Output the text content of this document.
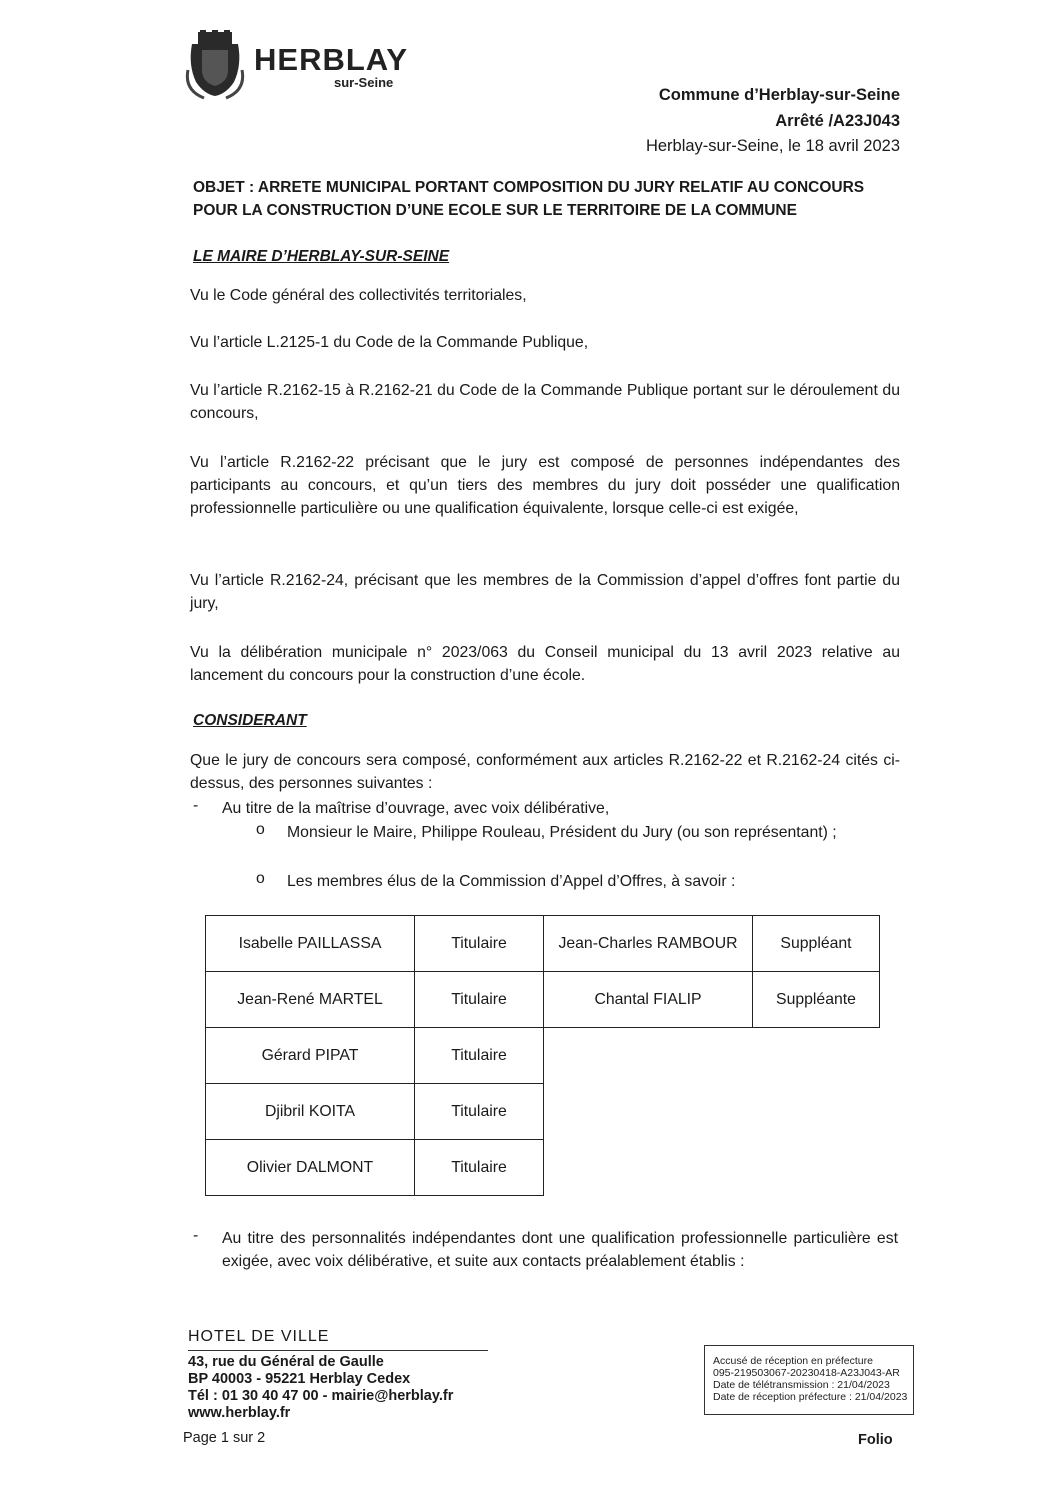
HERBLAY
sur-Seine
Commune d’Herblay-sur-Seine
Arrêté /A23J043
Herblay-sur-Seine, le 18 avril 2023
OBJET : ARRETE MUNICIPAL PORTANT COMPOSITION DU JURY RELATIF AU CONCOURS
POUR LA CONSTRUCTION D’UNE ECOLE SUR LE TERRITOIRE DE LA COMMUNE
LE MAIRE D’HERBLAY-SUR-SEINE
Vu le Code général des collectivités territoriales,
Vu l’article L.2125-1 du Code de la Commande Publique,
Vu l’article R.2162-15 à R.2162-21 du Code de la Commande Publique portant sur le déroulement du concours,
Vu l’article R.2162-22 précisant que le jury est composé de personnes indépendantes des participants au concours, et qu’un tiers des membres du jury doit posséder une qualification professionnelle particulière ou une qualification équivalente, lorsque celle-ci est exigée,
Vu l’article R.2162-24, précisant que les membres de la Commission d’appel d’offres font partie du jury,
Vu la délibération municipale n° 2023/063 du Conseil municipal du 13 avril 2023 relative au lancement du concours pour la construction d’une école.
CONSIDERANT
Que le jury de concours sera composé, conformément aux articles R.2162-22 et R.2162-24 cités ci-dessus, des personnes suivantes :
- Au titre de la maîtrise d’ouvrage, avec voix délibérative,
o Monsieur le Maire, Philippe Rouleau, Président du Jury (ou son représentant) ;
o Les membres élus de la Commission d’Appel d’Offres, à savoir :
Isabelle PAILLASSA	Titulaire	Jean-Charles RAMBOUR	Suppléant
Jean-René MARTEL	Titulaire	Chantal FIALIP	Suppléante
Gérard PIPAT	Titulaire		
Djibril KOITA	Titulaire		
Olivier DALMONT	Titulaire		
- Au titre des personnalités indépendantes dont une qualification professionnelle particulière est exigée, avec voix délibérative, et suite aux contacts préalablement établis :
HOTEL DE VILLE
43, rue du Général de Gaulle
BP 40003 - 95221 Herblay Cedex
Tél : 01 30 40 47 00 - mairie@herblay.fr
www.herblay.fr
Page 1 sur 2
Accusé de réception en préfecture
095-219503067-20230418-A23J043-AR
Date de télétransmission : 21/04/2023
Date de réception préfecture : 21/04/2023
Folio
